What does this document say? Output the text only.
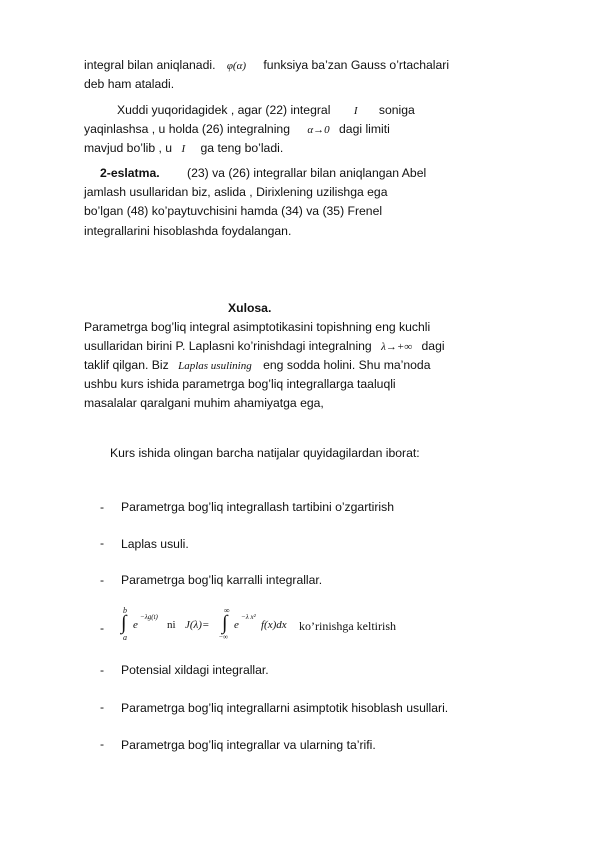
integral bilan aniqlanadi. φ(α) funksiya ba’zan Gauss o’rtachalari
deb ham ataladi.
Xuddi yuqoridagidek , agar (22) integral I soniga
yaqinlashsa , u holda (26) integralning α→0 dagi limiti
mavjud bo’lib , u I ga teng bo’ladi.
2-eslatma. (23) va (26) integrallar bilan aniqlangan Abel
jamlash usullaridan biz, aslida , Dirixlening uzilishga ega
bo’lgan (48) ko’paytuvchisini hamda (34) va (35) Frenel
integrallarini hisoblashda foydalangan.
Xulosa.
Parametrga bog’liq integral asimptotikasini topishning eng kuchli
usullaridan birini P. Laplasni ko’rinishdagi integralning λ→+∞ dagi
taklif qilgan. Biz Laplas usulining eng sodda holini. Shu ma’noda
ushbu kurs ishida parametrga bog’liq integrallarga taaluqli
masalalar qaralgani muhim ahamiyatga ega,
Kurs ishida olingan barcha natijalar quyidagilardan iborat:
- Parametrga bog’liq integrallash tartibini o’zgartirish
- Laplas usuli.
- Parametrga bog’liq karralli integrallar.
-
b
∫
a
e
−λg(t)
ni J(λ)=
∞
∫
−∞
e
−λ x²
f(x)dx ko’rinishga keltirish
- Potensial xildagi integrallar.
- Parametrga bog’liq integrallarni asimptotik hisoblash usullari.
- Parametrga bog’liq integrallar va ularning ta’rifi.
